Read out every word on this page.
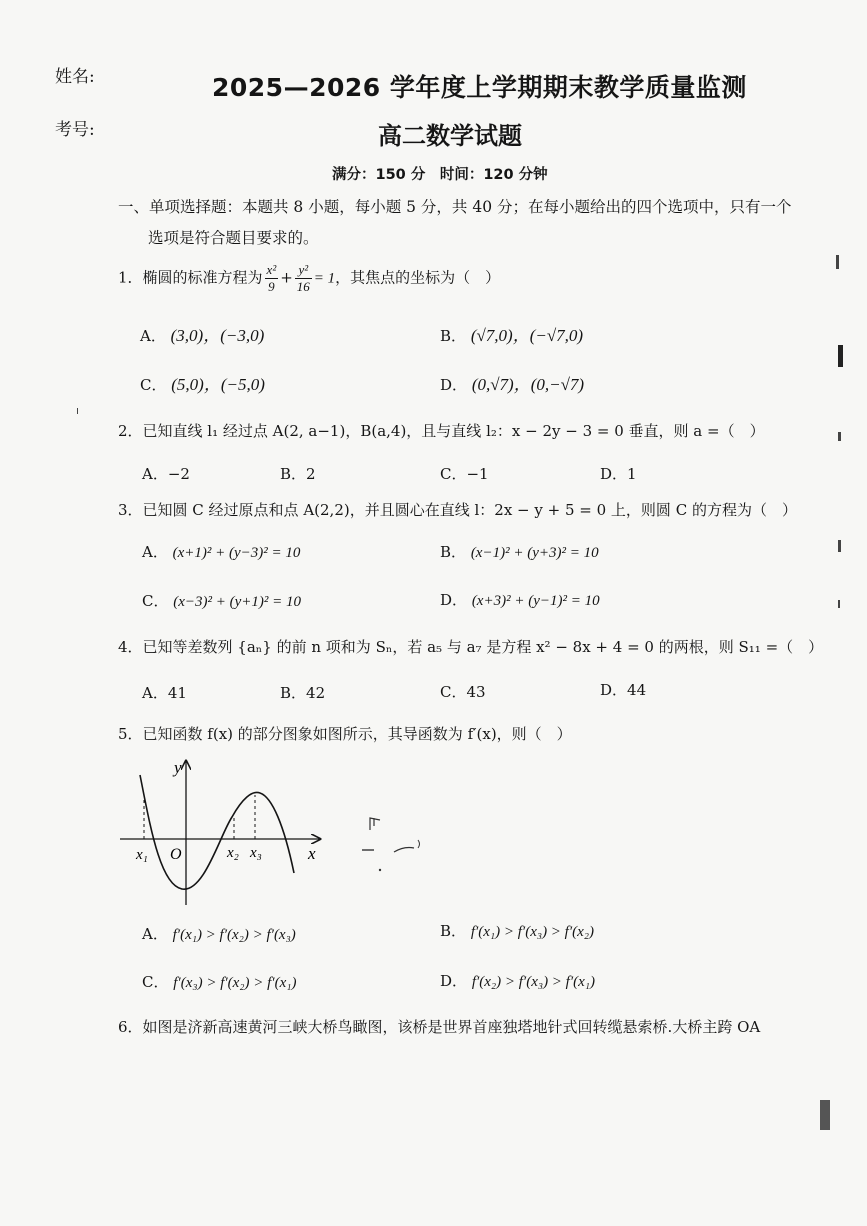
姓名:
考号:
2025—2026 学年度上学期期末教学质量监测
高二数学试题
满分：150 分　时间：120 分钟
一、单项选择题：本题共 8 小题，每小题 5 分，共 40 分；在每小题给出的四个选项中，只有一个
选项是符合题目要求的。
1．椭圆的标准方程为 $\frac{\text{x²}}{9} + \frac{\text{y²}}{16} = 1$，其焦点的坐标为（　）
A． (3,0)，(−3,0)	B． (√7,0)，(−√7,0)
C． (5,0)，(−5,0)	D． (0,√7)，(0,−√7)
2．已知直线 l₁ 经过点 A(2, a−1)，B(a,4)，且与直线 l₂：x − 2y − 3 = 0 垂直，则 a =（　）
A．−2	B．2	C．−1	D．1
3．已知圆 C 经过原点和点 A(2,2)，并且圆心在直线 l：2x − y + 5 = 0 上，则圆 C 的方程为（　）
A． (x+1)² + (y−3)² = 10	B． (x−1)² + (y+3)² = 10
C． (x−3)² + (y+1)² = 10	D． (x+3)² + (y−1)² = 10
4．已知等差数列 {aₙ} 的前 n 项和为 Sₙ，若 a₅ 与 a₇ 是方程 x² − 8x + 4 = 0 的两根，则 S₁₁ =（　）
A．41	B．42	C．43	D．44
5．已知函数 f(x) 的部分图象如图所示，其导函数为 f′(x)，则（　）
y
x
O
x₁	x₂ x₃
A． f′(x₁) > f′(x₂) > f′(x₃)	B． f′(x₁) > f′(x₃) > f′(x₂)
C． f′(x₃) > f′(x₂) > f′(x₁)	D． f′(x₂) > f′(x₃) > f′(x₁)
6．如图是济新高速黄河三峡大桥鸟瞰图，该桥是世界首座独塔地针式回转缆悬索桥.大桥主跨 OA
